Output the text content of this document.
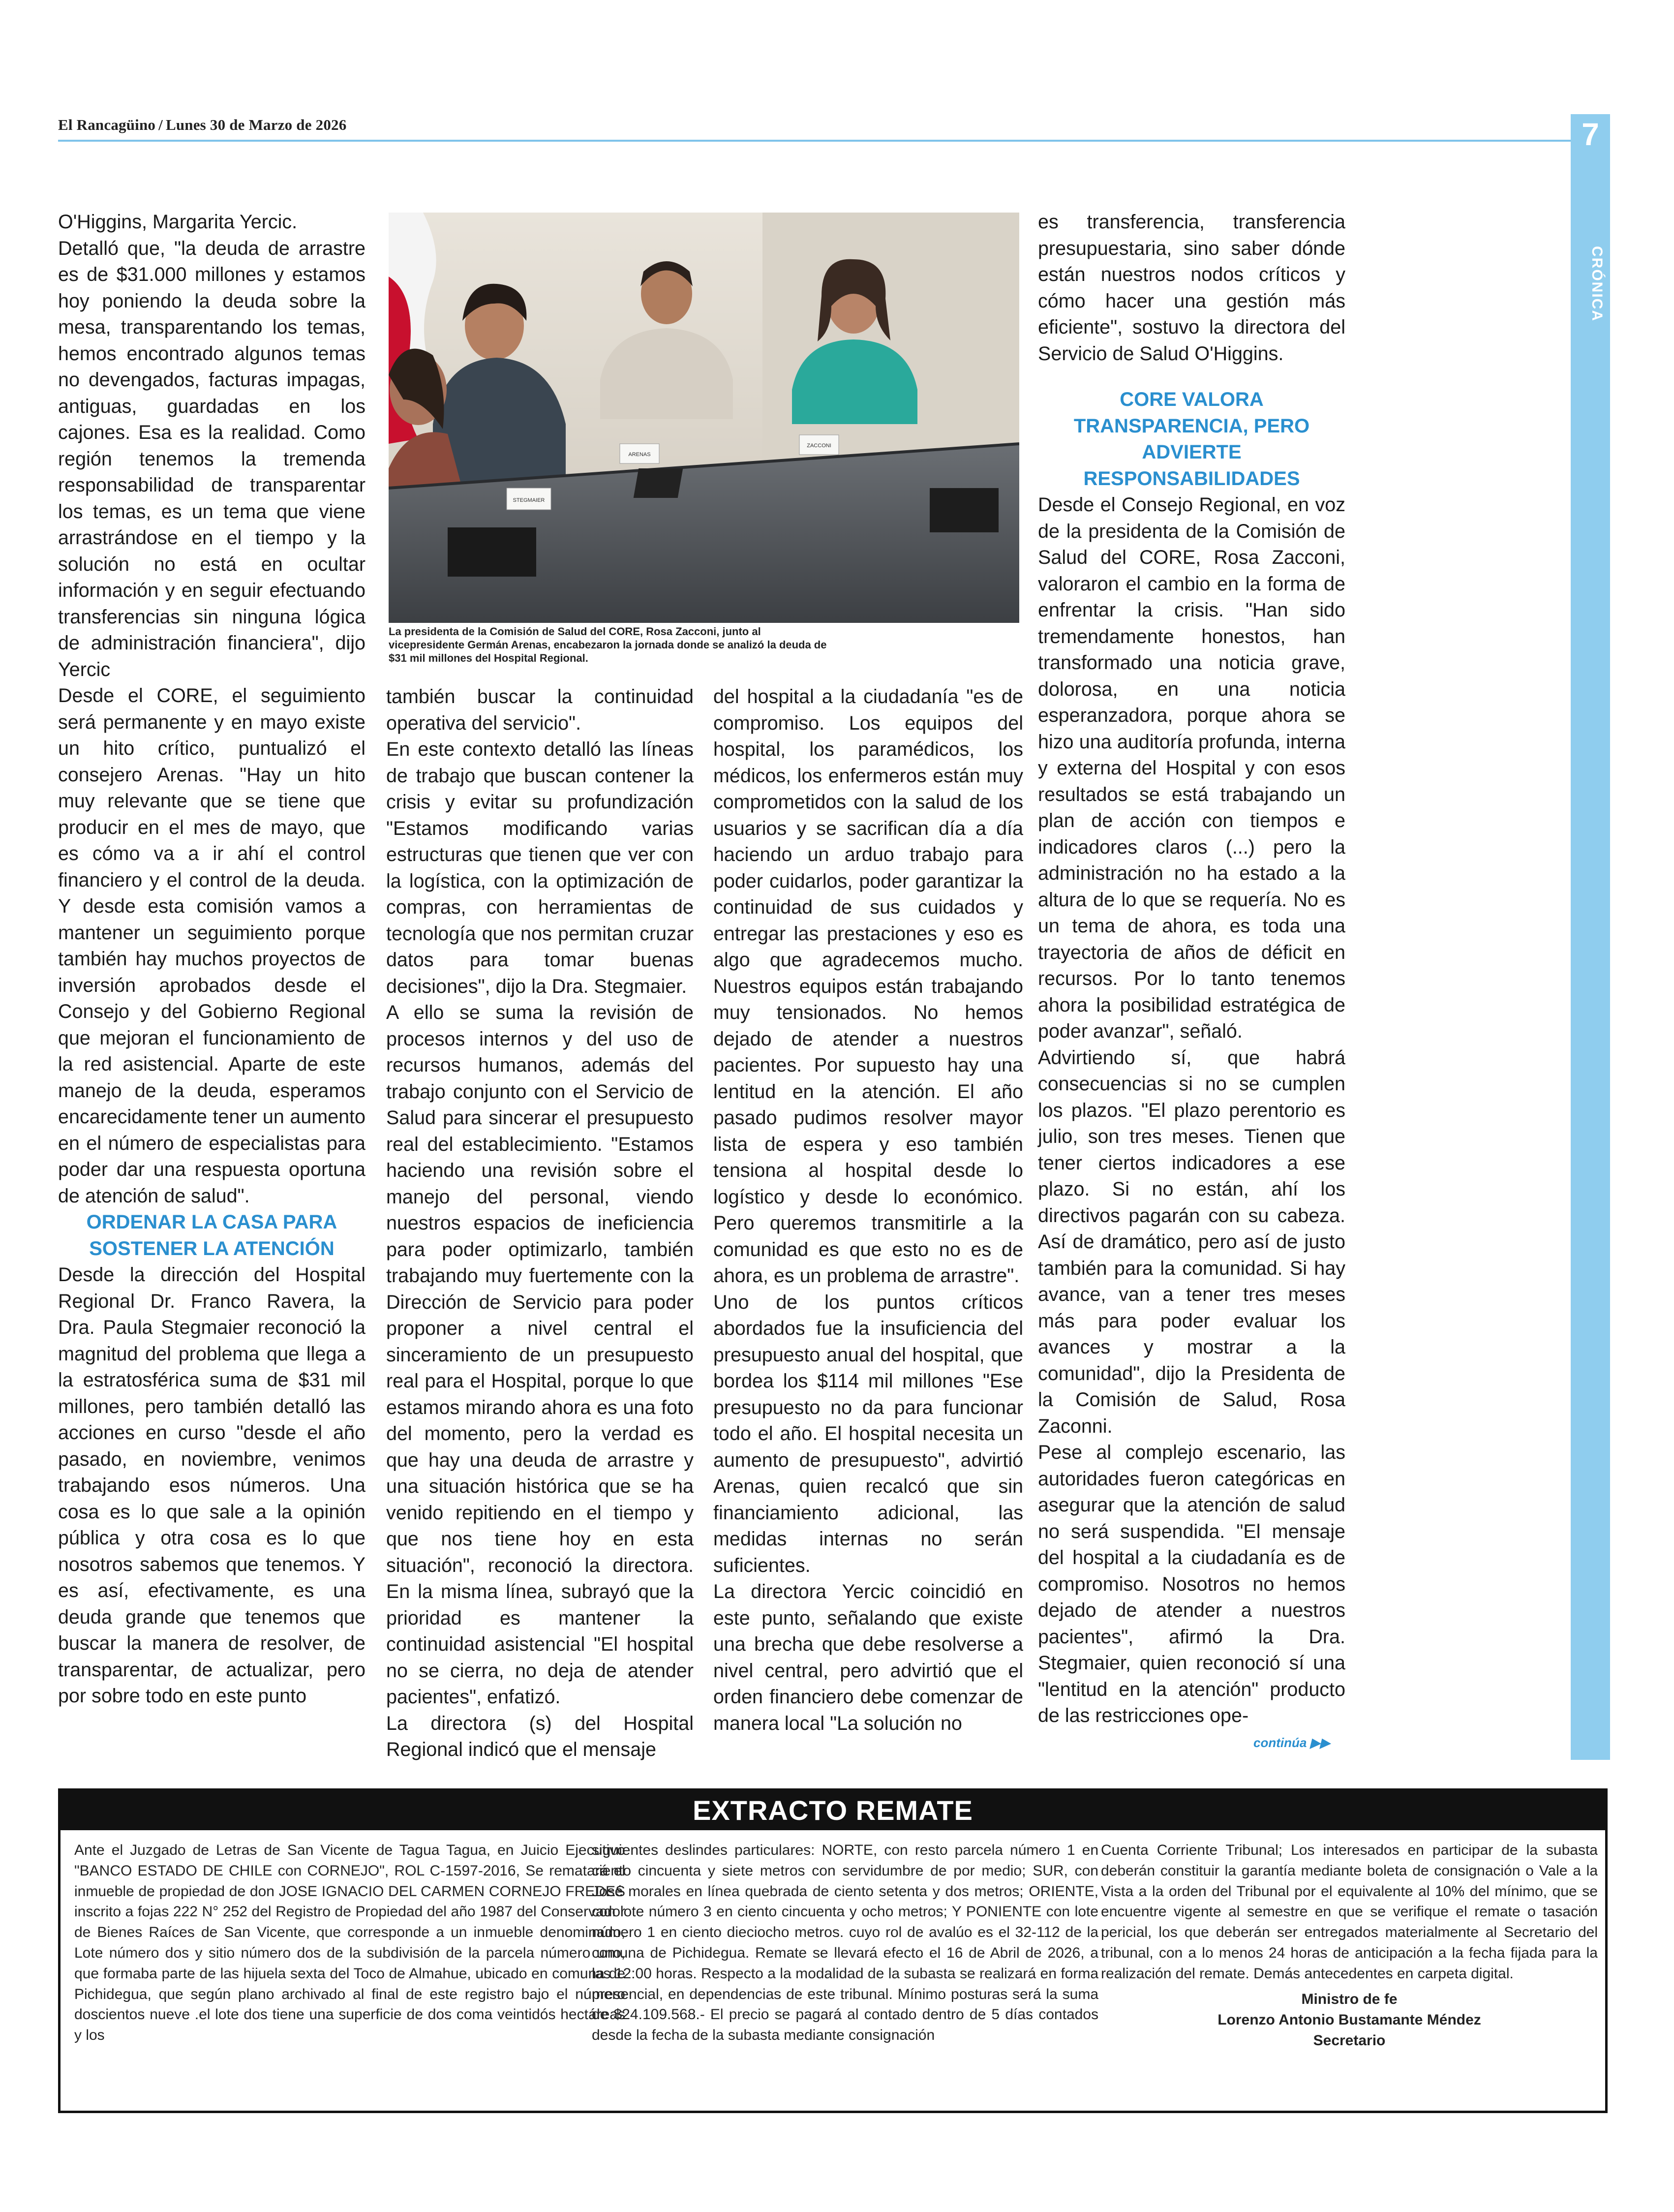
El Rancagüino / Lunes 30 de Marzo de 2026	7
CRÓNICA

O'Higgins, Margarita Yercic.

Detalló que, "la deuda de arrastre es de $31.000 millones y estamos hoy poniendo la deuda sobre la mesa, transparentando los temas, hemos encontrado algunos temas no devengados, facturas impagas, antiguas, guardadas en los cajones. Esa es la realidad. Como región tenemos la tremenda responsabilidad de transparentar los temas, es un tema que viene arrastrándose en el tiempo y la solución no está en ocultar información y en seguir efectuando transferencias sin ninguna lógica de administración financiera", dijo Yercic

Desde el CORE, el seguimiento será permanente y en mayo existe un hito crítico, puntualizó el consejero Arenas. "Hay un hito muy relevante que se tiene que producir en el mes de mayo, que es cómo va a ir ahí el control financiero y el control de la deuda. Y desde esta comisión vamos a mantener un seguimiento porque también hay muchos proyectos de inversión aprobados desde el Consejo y del Gobierno Regional que mejoran el funcionamiento de la red asistencial. Aparte de este manejo de la deuda, esperamos encarecidamente tener un aumento en el número de especialistas para poder dar una respuesta oportuna de atención de salud".

ORDENAR LA CASA PARA SOSTENER LA ATENCIÓN

Desde la dirección del Hospital Regional Dr. Franco Ravera, la Dra. Paula Stegmaier reconoció la magnitud del problema que llega a la estratosférica suma de $31 mil millones, pero también detalló las acciones en curso "desde el año pasado, en noviembre, venimos trabajando esos números. Una cosa es lo que sale a la opinión pública y otra cosa es lo que nosotros sabemos que tenemos. Y es así, efectivamente, es una deuda grande que tenemos que buscar la manera de resolver, de transparentar, de actualizar, pero por sobre todo en este punto

ARENAS
ZACCONI
STEGMAIER
La presidenta de la Comisión de Salud del CORE, Rosa Zacconi, junto al vicepresidente Germán Arenas, encabezaron la jornada donde se analizó la deuda de $31 mil millones del Hospital Regional.

también buscar la continuidad operativa del servicio".

En este contexto detalló las líneas de trabajo que buscan contener la crisis y evitar su profundización "Estamos modificando varias estructuras que tienen que ver con la logística, con la optimización de compras, con herramientas de tecnología que nos permitan cruzar datos para tomar buenas decisiones", dijo la Dra. Stegmaier.

A ello se suma la revisión de procesos internos y del uso de recursos humanos, además del trabajo conjunto con el Servicio de Salud para sincerar el presupuesto real del establecimiento. "Estamos haciendo una revisión sobre el manejo del personal, viendo nuestros espacios de ineficiencia para poder optimizarlo, también trabajando muy fuertemente con la Dirección de Servicio para poder proponer a nivel central el sinceramiento de un presupuesto real para el Hospital, porque lo que estamos mirando ahora es una foto del momento, pero la verdad es que hay una deuda de arrastre y una situación histórica que se ha venido repitiendo en el tiempo y que nos tiene hoy en esta situación", reconoció la directora. En la misma línea, subrayó que la prioridad es mantener la continuidad asistencial "El hospital no se cierra, no deja de atender pacientes", enfatizó.

La directora (s) del Hospital Regional indicó que el mensaje

del hospital a la ciudadanía "es de compromiso. Los equipos del hospital, los paramédicos, los médicos, los enfermeros están muy comprometidos con la salud de los usuarios y se sacrifican día a día haciendo un arduo trabajo para poder cuidarlos, poder garantizar la continuidad de sus cuidados y entregar las prestaciones y eso es algo que agradecemos mucho. Nuestros equipos están trabajando muy tensionados. No hemos dejado de atender a nuestros pacientes. Por supuesto hay una lentitud en la atención. El año pasado pudimos resolver mayor lista de espera y eso también tensiona al hospital desde lo logístico y desde lo económico. Pero queremos transmitirle a la comunidad es que esto no es de ahora, es un problema de arrastre".

Uno de los puntos críticos abordados fue la insuficiencia del presupuesto anual del hospital, que bordea los $114 mil millones "Ese presupuesto no da para funcionar todo el año. El hospital necesita un aumento de presupuesto", advirtió Arenas, quien recalcó que sin financiamiento adicional, las medidas internas no serán suficientes.

La directora Yercic coincidió en este punto, señalando que existe una brecha que debe resolverse a nivel central, pero advirtió que el orden financiero debe comenzar de manera local "La solución no

es transferencia, transferencia presupuestaria, sino saber dónde están nuestros nodos críticos y cómo hacer una gestión más eficiente", sostuvo la directora del Servicio de Salud O'Higgins.

CORE VALORA TRANSPARENCIA, PERO ADVIERTE RESPONSABILIDADES

Desde el Consejo Regional, en voz de la presidenta de la Comisión de Salud del CORE, Rosa Zacconi, valoraron el cambio en la forma de enfrentar la crisis. "Han sido tremendamente honestos, han transformado una noticia grave, dolorosa, en una noticia esperanzadora, porque ahora se hizo una auditoría profunda, interna y externa del Hospital y con esos resultados se está trabajando un plan de acción con tiempos e indicadores claros (...) pero la administración no ha estado a la altura de lo que se requería. No es un tema de ahora, es toda una trayectoria de años de déficit en recursos. Por lo tanto tenemos ahora la posibilidad estratégica de poder avanzar", señaló.

Advirtiendo sí, que habrá consecuencias si no se cumplen los plazos. "El plazo perentorio es julio, son tres meses. Tienen que tener ciertos indicadores a ese plazo. Si no están, ahí los directivos pagarán con su cabeza. Así de dramático, pero así de justo también para la comunidad. Si hay avance, van a tener tres meses más para poder evaluar los avances y mostrar a la comunidad", dijo la Presidenta de la Comisión de Salud, Rosa Zaconni.

Pese al complejo escenario, las autoridades fueron categóricas en asegurar que la atención de salud no será suspendida. "El mensaje del hospital a la ciudadanía es de compromiso. Nosotros no hemos dejado de atender a nuestros pacientes", afirmó la Dra. Stegmaier, quien reconoció sí una "lentitud en la atención" producto de las restricciones ope-

continúa ▶▶
EXTRACTO REMATE
Ante el Juzgado de Letras de San Vicente de Tagua Tagua, en Juicio Ejecutivo "BANCO ESTADO DE CHILE con CORNEJO", ROL C-1597-2016, Se rematará el inmueble de propiedad de don JOSE IGNACIO DEL CARMEN CORNEJO FREDES inscrito a fojas 222 N° 252 del Registro de Propiedad del año 1987 del Conservador de Bienes Raíces de San Vicente, que corresponde a un inmueble denominado, Lote número dos y sitio número dos de la subdivisión de la parcela número uno, que formaba parte de las hijuela sexta del Toco de Almahue, ubicado en comuna de Pichidegua, que según plano archivado al final de este registro bajo el número doscientos nueve .el lote dos tiene una superficie de dos coma veintidós hectáreas y los
siguientes deslindes particulares: NORTE, con resto parcela número 1 en ciento cincuenta y siete metros con servidumbre de por medio; SUR, con José morales en línea quebrada de ciento setenta y dos metros; ORIENTE, con lote número 3 en ciento cincuenta y ocho metros; Y PONIENTE con lote número 1 en ciento dieciocho metros. cuyo rol de avalúo es el 32-112 de la comuna de Pichidegua. Remate se llevará efecto el 16 de Abril de 2026, a las 12:00 horas. Respecto a la modalidad de la subasta se realizará en forma presencial, en dependencias de este tribunal. Mínimo posturas será la suma de $24.109.568.- El precio se pagará al contado dentro de 5 días contados desde la fecha de la subasta mediante consignación
Cuenta Corriente Tribunal; Los interesados en participar de la subasta deberán constituir la garantía mediante boleta de consignación o Vale a la Vista a la orden del Tribunal por el equivalente al 10% del mínimo, que se encuentre vigente al semestre en que se verifique el remate o tasación pericial, los que deberán ser entregados materialmente al Secretario del tribunal, con a lo menos 24 horas de anticipación a la fecha fijada para la realización del remate. Demás antecedentes en carpeta digital.
Ministro de fe
Lorenzo Antonio Bustamante Méndez
Secretario
